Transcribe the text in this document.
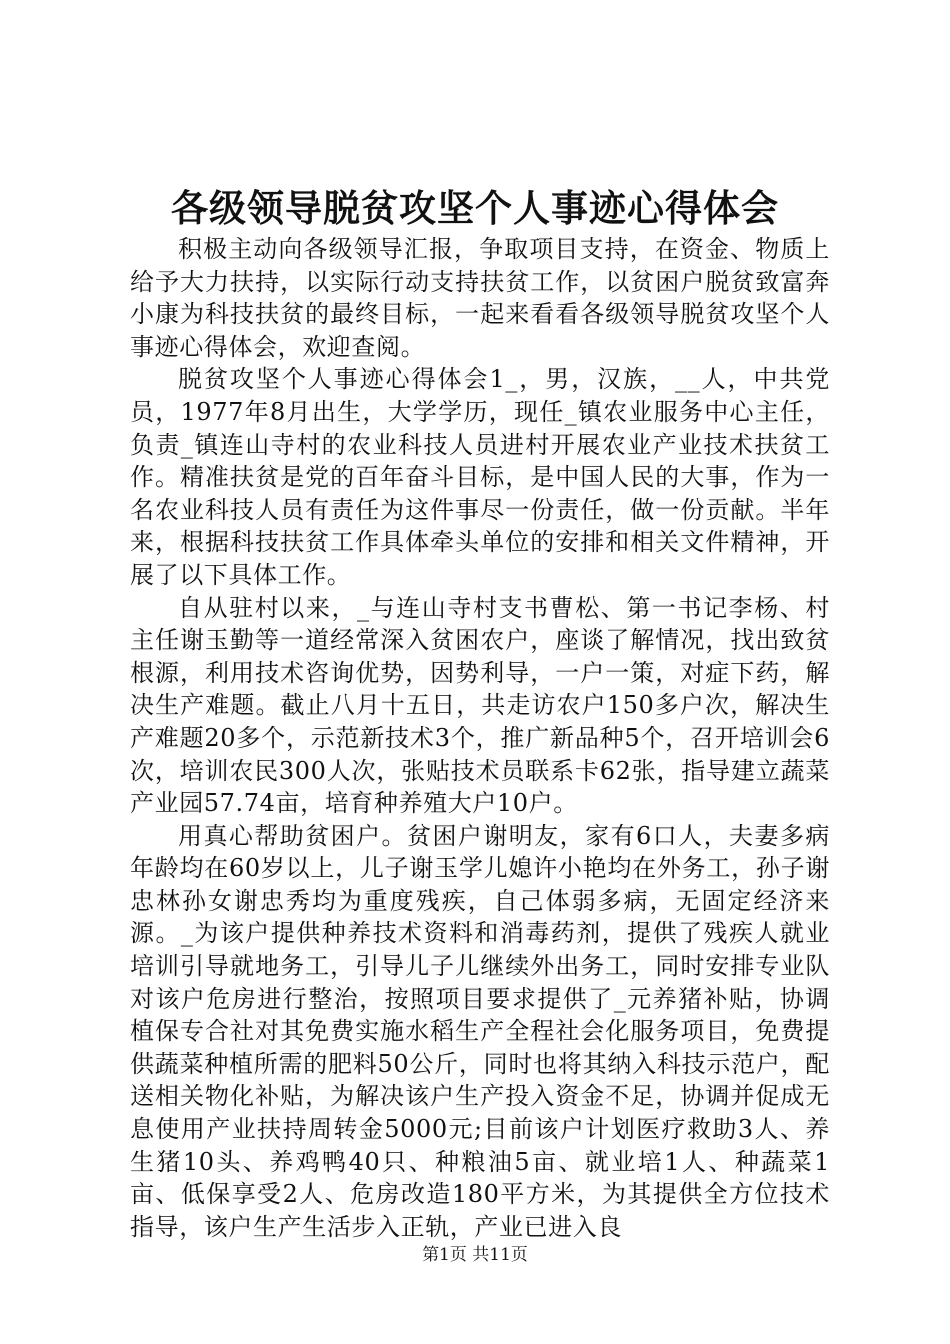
各级领导脱贫攻坚个人事迹心得体会

积极主动向各级领导汇报，争取项目支持，在资金、物质上给予大力扶持，以实际行动支持扶贫工作，以贫困户脱贫致富奔小康为科技扶贫的最终目标，一起来看看各级领导脱贫攻坚个人事迹心得体会，欢迎查阅。

脱贫攻坚个人事迹心得体会1_，男，汉族，__人，中共党员，1977年8月出生，大学学历，现任_镇农业服务中心主任，负责_镇连山寺村的农业科技人员进村开展农业产业技术扶贫工作。精准扶贫是党的百年奋斗目标，是中国人民的大事，作为一名农业科技人员有责任为这件事尽一份责任，做一份贡献。半年来，根据科技扶贫工作具体牵头单位的安排和相关文件精神，开展了以下具体工作。

自从驻村以来，_与连山寺村支书曹松、第一书记李杨、村主任谢玉勤等一道经常深入贫困农户，座谈了解情况，找出致贫根源，利用技术咨询优势，因势利导，一户一策，对症下药，解决生产难题。截止八月十五日，共走访农户150多户次，解决生产难题20多个，示范新技术3个，推广新品种5个，召开培训会6次，培训农民300人次，张贴技术员联系卡62张，指导建立蔬菜产业园57.74亩，培育种养殖大户10户。

用真心帮助贫困户。贫困户谢明友，家有6口人，夫妻多病年龄均在60岁以上，儿子谢玉学儿媳许小艳均在外务工，孙子谢忠林孙女谢忠秀均为重度残疾，自己体弱多病，无固定经济来源。_为该户提供种养技术资料和消毒药剂，提供了残疾人就业培训引导就地务工，引导儿子儿继续外出务工，同时安排专业队对该户危房进行整治，按照项目要求提供了_元养猪补贴，协调植保专合社对其免费实施水稻生产全程社会化服务项目，免费提供蔬菜种植所需的肥料50公斤，同时也将其纳入科技示范户，配送相关物化补贴，为解决该户生产投入资金不足，协调并促成无息使用产业扶持周转金5000元;目前该户计划医疗救助3人、养生猪10头、养鸡鸭40只、种粮油5亩、就业培1人、种蔬菜1亩、低保享受2人、危房改造180平方米，为其提供全方位技术指导，该户生产生活步入正轨，产业已进入良

第1页 共11页
